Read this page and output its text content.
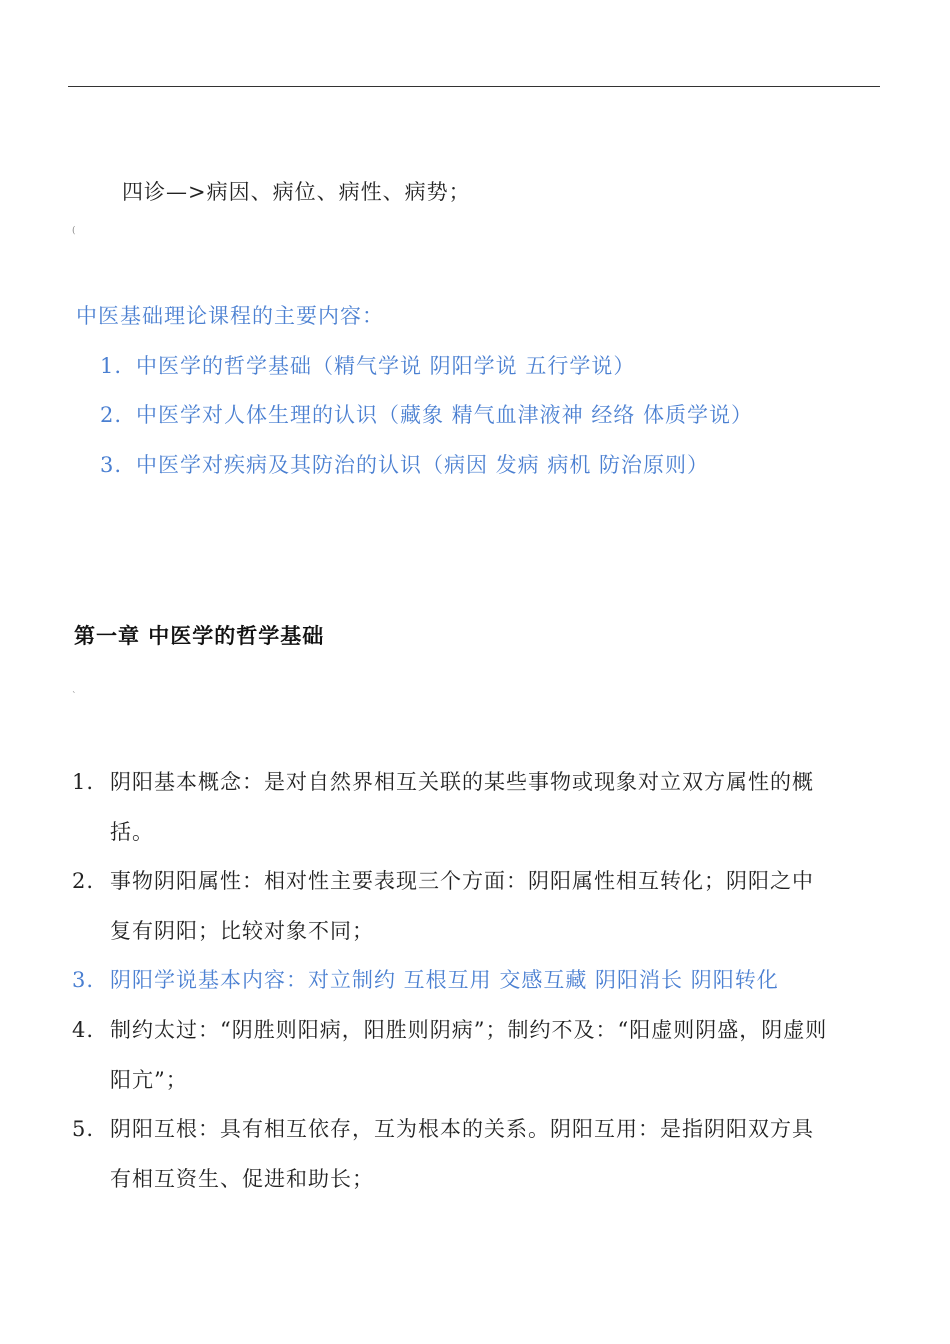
四诊—>病因、病位、病性、病势；
(
中医基础理论课程的主要内容：
1. 中医学的哲学基础（精气学说 阴阳学说 五行学说）
2. 中医学对人体生理的认识（藏象 精气血津液神 经络 体质学说）
3. 中医学对疾病及其防治的认识（病因 发病 病机 防治原则）
第一章 中医学的哲学基础
`
1. 阴阳基本概念：是对自然界相互关联的某些事物或现象对立双方属性的概
括。
2. 事物阴阳属性：相对性主要表现三个方面：阴阳属性相互转化；阴阳之中
复有阴阳；比较对象不同；
3. 阴阳学说基本内容：对立制约 互根互用 交感互藏 阴阳消长 阴阳转化
4. 制约太过：“阴胜则阳病，阳胜则阴病”；制约不及：“阳虚则阴盛，阴虚则
阳亢”；
5. 阴阳互根：具有相互依存，互为根本的关系。阴阳互用：是指阴阳双方具
有相互资生、促进和助长；
